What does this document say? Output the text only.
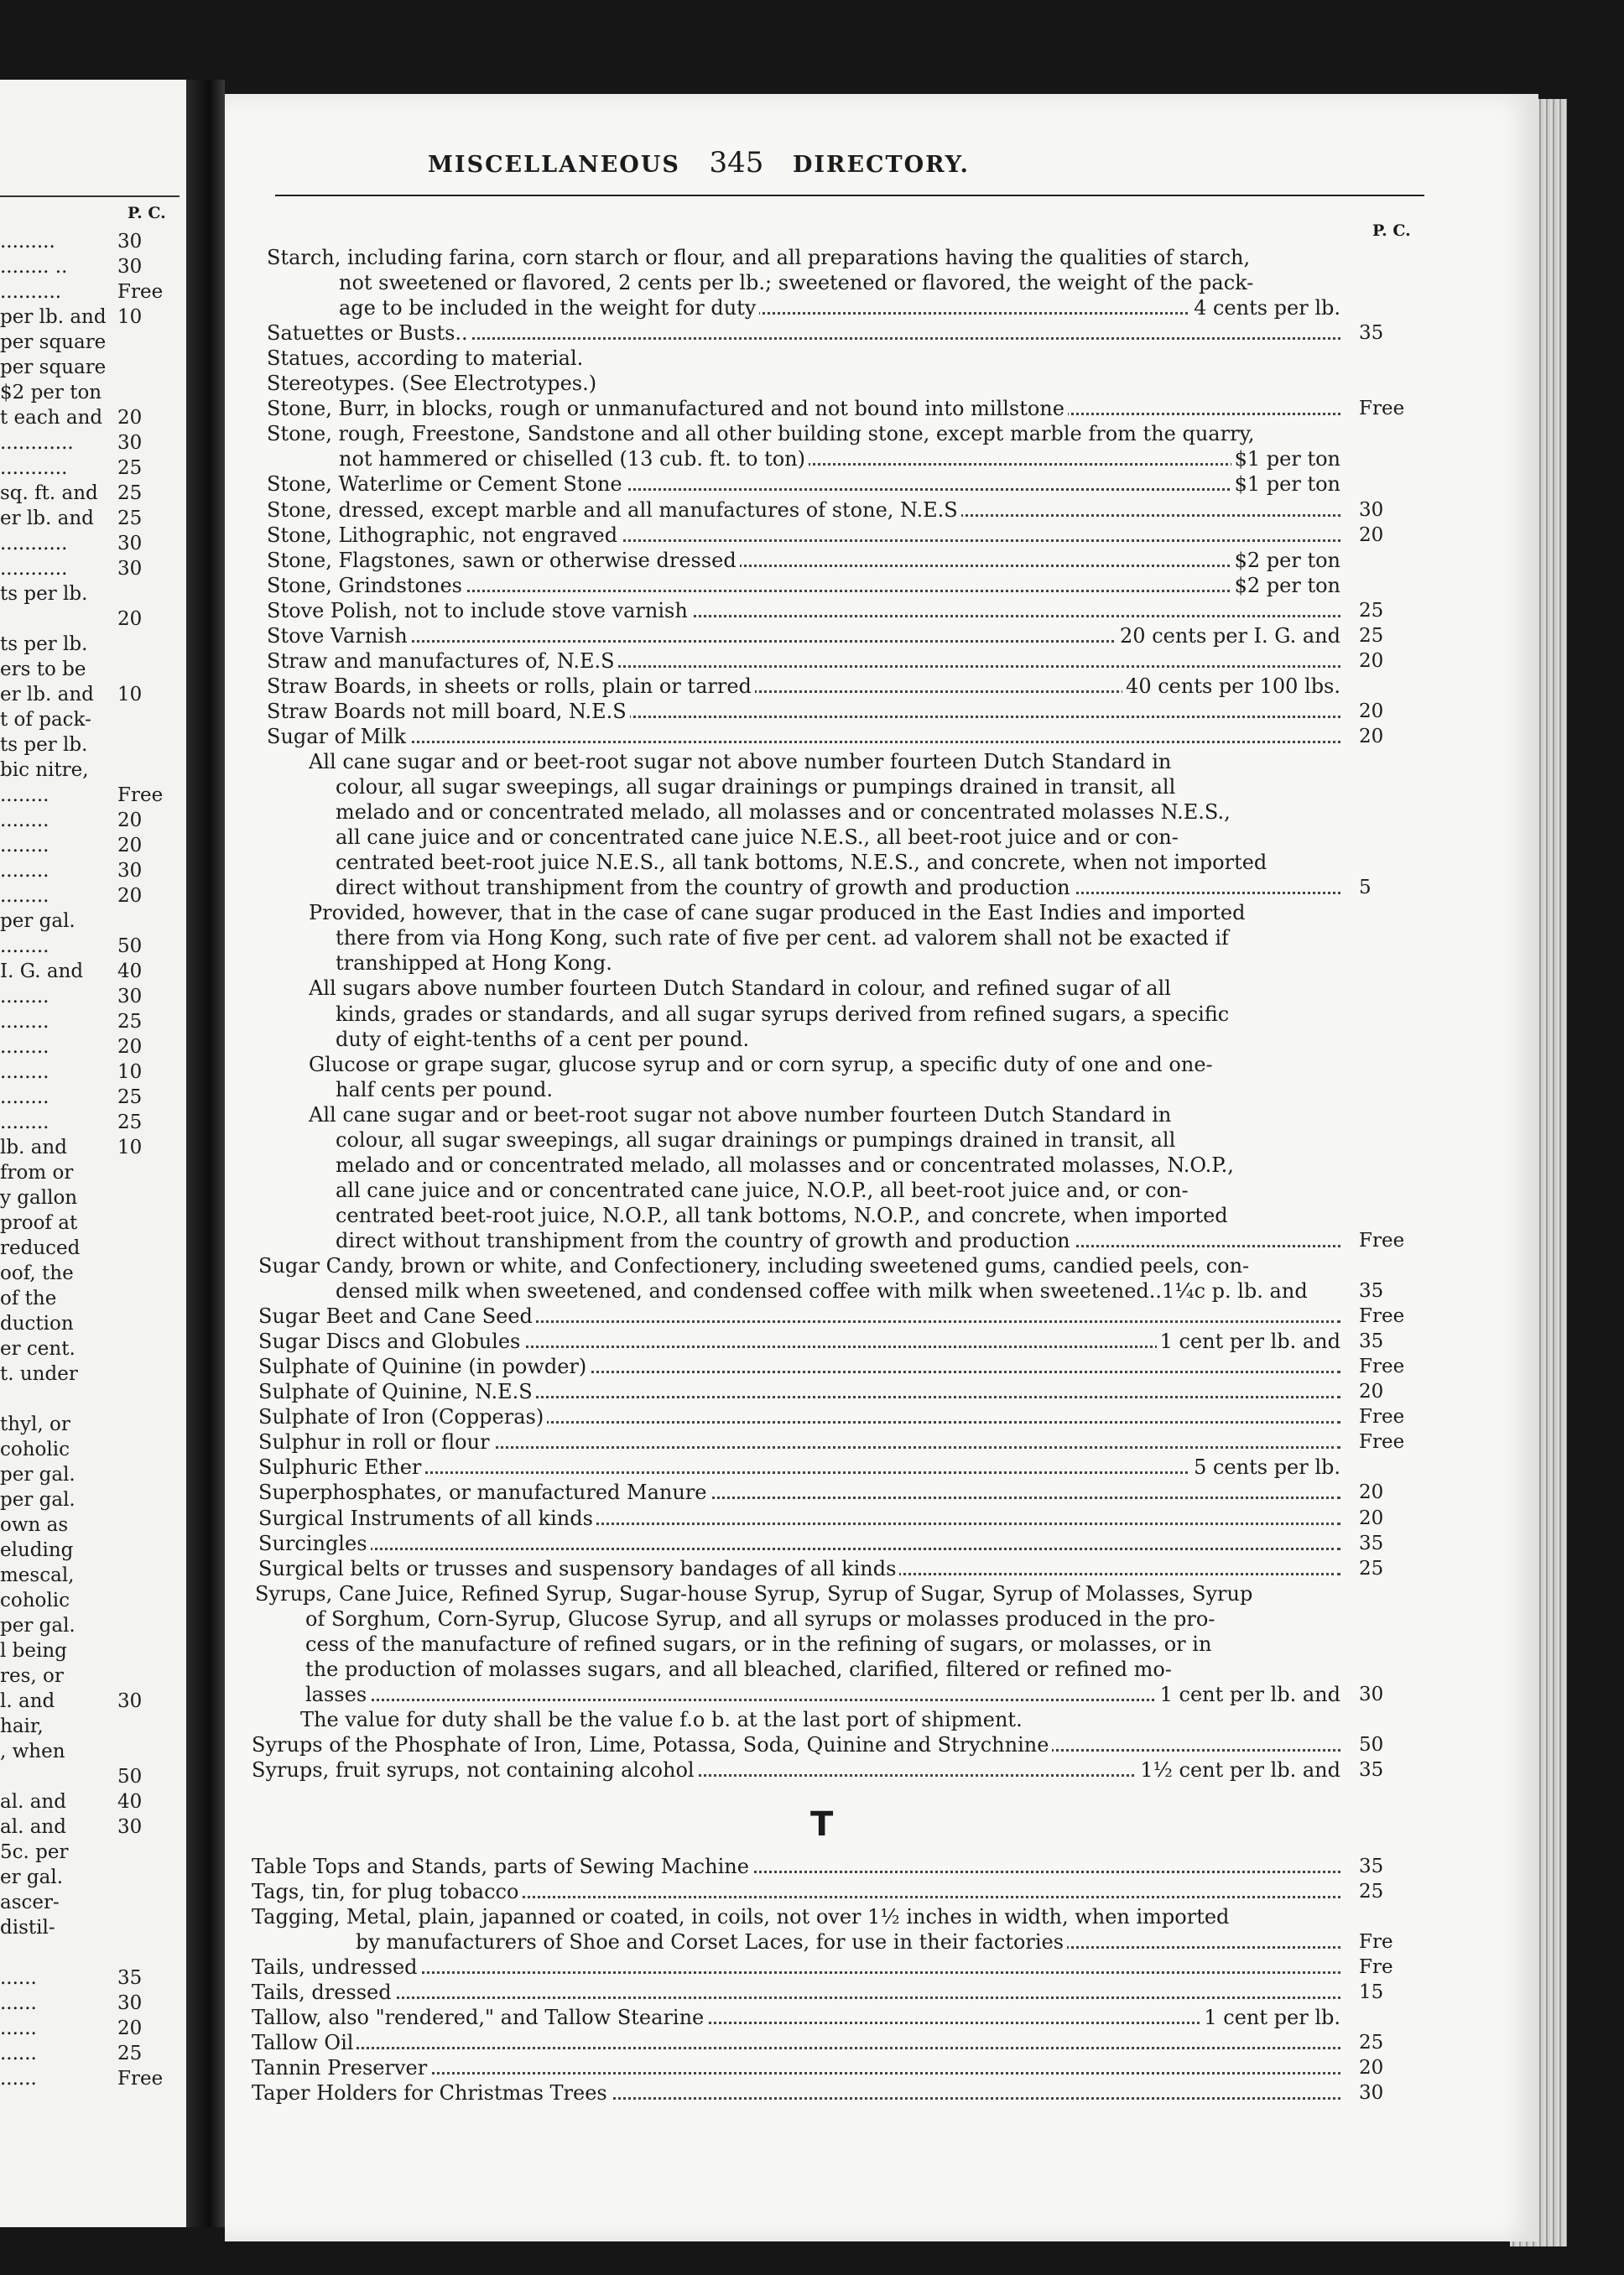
P. C.
.........	30
........ ..	30
..........	Free
per lb. and 10
per square
per square
$2 per ton
t each and 20
............ 30
...........	25
sq. ft. and 25
er lb. and 25
...........	30
...........	30
ts per lb.
20
ts per lb.
ers to be
er lb. and 10
t of pack-
ts per lb.
bic nitre,
........	Free
........	20
........	20
........	30
........	20
per gal.
........	50
I. G. and 40
........	30
........	25
........	20
........	10
........	25
........	25
lb. and	10
from or
y gallon
proof at
reduced
oof, the
of the
duction
er cent.
t. under
thyl, or
coholic
per gal.
per gal.
own as
eluding
mescal,
coholic
per gal.
l being
res, or
l. and	30
hair,
, when
50
al. and	40
al. and	30
5c. per
er gal.
ascer-
distil-
......	35
......	30
......	20
......	25
......	Free
MISCELLANEOUS 345 DIRECTORY.
P. C.
Starch, including farina, corn starch or flour, and all preparations having the qualities of starch,
not sweetened or flavored, 2 cents per lb.; sweetened or flavored, the weight of the pack-
age to be included in the weight for duty	4 cents per lb.
Satuettes or Busts..	35
Statues, according to material.
Stereotypes. (See Electrotypes.)
Stone, Burr, in blocks, rough or unmanufactured and not bound into millstone	Free
Stone, rough, Freestone, Sandstone and all other building stone, except marble from the quarry,
not hammered or chiselled (13 cub. ft. to ton)	$1 per ton
Stone, Waterlime or Cement Stone	$1 per ton
Stone, dressed, except marble and all manufactures of stone, N.E.S	30
Stone, Lithographic, not engraved	20
Stone, Flagstones, sawn or otherwise dressed	$2 per ton
Stone, Grindstones	$2 per ton
Stove Polish, not to include stove varnish	25
Stove Varnish	20 cents per I. G. and 25
Straw and manufactures of, N.E.S	20
Straw Boards, in sheets or rolls, plain or tarred	40 cents per 100 lbs.
Straw Boards not mill board, N.E.S	20
Sugar of Milk	20
All cane sugar and or beet-root sugar not above number fourteen Dutch Standard in
colour, all sugar sweepings, all sugar drainings or pumpings drained in transit, all
melado and or concentrated melado, all molasses and or concentrated molasses N.E.S.,
all cane juice and or concentrated cane juice N.E.S., all beet-root juice and or con-
centrated beet-root juice N.E.S., all tank bottoms, N.E.S., and concrete, when not imported
direct without transhipment from the country of growth and production	5
Provided, however, that in the case of cane sugar produced in the East Indies and imported
there from via Hong Kong, such rate of five per cent. ad valorem shall not be exacted if
transhipped at Hong Kong.
All sugars above number fourteen Dutch Standard in colour, and refined sugar of all
kinds, grades or standards, and all sugar syrups derived from refined sugars, a specific
duty of eight-tenths of a cent per pound.
Glucose or grape sugar, glucose syrup and or corn syrup, a specific duty of one and one-
half cents per pound.
All cane sugar and or beet-root sugar not above number fourteen Dutch Standard in
colour, all sugar sweepings, all sugar drainings or pumpings drained in transit, all
melado and or concentrated melado, all molasses and or concentrated molasses, N.O.P.,
all cane juice and or concentrated cane juice, N.O.P., all beet-root juice and, or con-
centrated beet-root juice, N.O.P., all tank bottoms, N.O.P., and concrete, when imported
direct without transhipment from the country of growth and production	Free
Sugar Candy, brown or white, and Confectionery, including sweetened gums, candied peels, con-
densed milk when sweetened, and condensed coffee with milk when sweetened..1¼c p. lb. and	35
Sugar Beet and Cane Seed	Free
Sugar Discs and Globules	1 cent per lb. and 35
Sulphate of Quinine (in powder)	Free
Sulphate of Quinine, N.E.S	20
Sulphate of Iron (Copperas)	Free
Sulphur in roll or flour	Free
Sulphuric Ether	5 cents per lb.
Superphosphates, or manufactured Manure	20
Surgical Instruments of all kinds	20
Surcingles	35
Surgical belts or trusses and suspensory bandages of all kinds	25
Syrups, Cane Juice, Refined Syrup, Sugar-house Syrup, Syrup of Sugar, Syrup of Molasses, Syrup
of Sorghum, Corn-Syrup, Glucose Syrup, and all syrups or molasses produced in the pro-
cess of the manufacture of refined sugars, or in the refining of sugars, or molasses, or in
the production of molasses sugars, and all bleached, clarified, filtered or refined mo-
lasses	1 cent per lb. and 30
The value for duty shall be the value f.o b. at the last port of shipment.
Syrups of the Phosphate of Iron, Lime, Potassa, Soda, Quinine and Strychnine	50
Syrups, fruit syrups, not containing alcohol	1½ cent per lb. and 35
T
Table Tops and Stands, parts of Sewing Machine	35
Tags, tin, for plug tobacco	25
Tagging, Metal, plain, japanned or coated, in coils, not over 1½ inches in width, when imported
by manufacturers of Shoe and Corset Laces, for use in their factories	Fre
Tails, undressed	Fre
Tails, dressed	15
Tallow, also "rendered," and Tallow Stearine	1 cent per lb.
Tallow Oil	25
Tannin Preserver	20
Taper Holders for Christmas Trees	30
